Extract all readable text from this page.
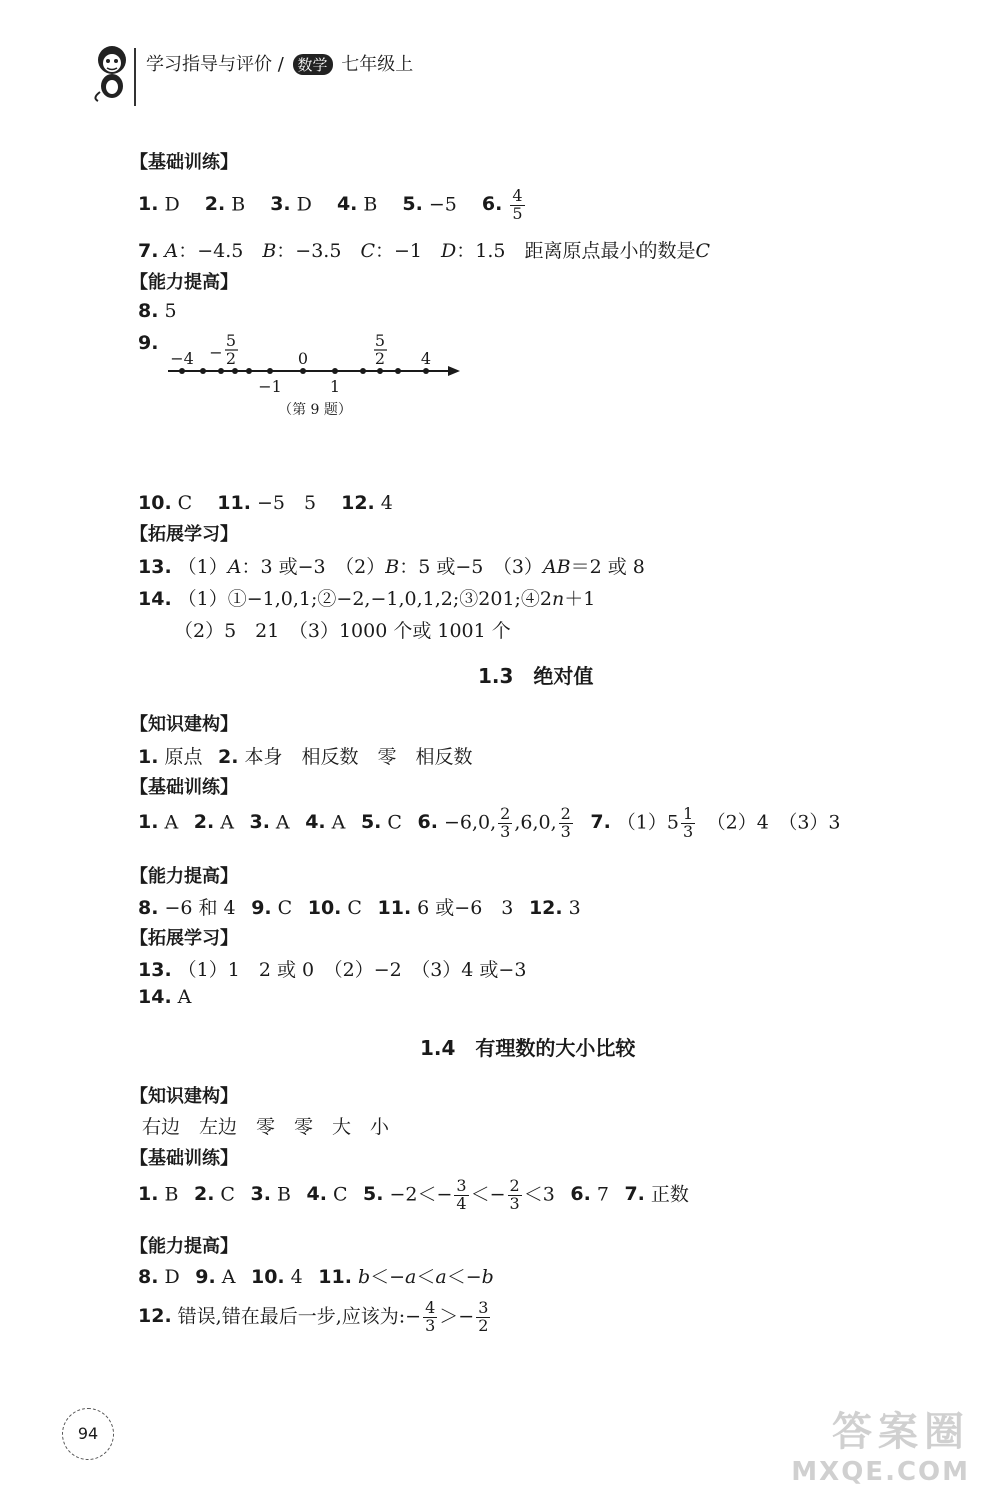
学习指导与评价 / 数学 七年级上
【基础训练】
1. D  2. B  3. D  4. B  5. −5  6. $\frac{4}{5}$
7. A：−4.5  B：−3.5  C：−1  D：1.5  距离原点最小的数是C
【能力提高】
8. 5
9.
−4 −
5
2	0
5
2 4
−1	1
（第 9 题）
10. C  11. −5　5  12. 4
【拓展学习】
13. （1）A：3 或−3  （2）B：5 或−5  （3）AB＝2 或 8
14. （1）①−1,0,1;②−2,−1,0,1,2;③201;④2n＋1
（2）5　21　（3）1000 个或 1001 个
1.3　绝对值
【知识建构】
1. 原点  2. 本身　相反数　零　相反数
【基础训练】
1. A  2. A  3. A  4. A  5. C  6. −6,0, $\frac{2}{3} ,6,0$, $\frac{2}{3}$
  7. $(1)5 \frac{1}{3}$
  （2）4　（3）3
【能力提高】
8. −6 和 4  9. C  10. C  11. 6 或−6　3  12. 3
【拓展学习】
13. （1）1　2 或 0　（2）−2　（3）4 或−3
14. A
1.4　有理数的大小比较
【知识建构】
右边　左边　零　零　大　小
【基础训练】
1. B  2. C  3. B  4. C  5. $-2<- \frac{3}{4} <- \frac{2}{3} <3$  6. 7  7. 正数
【能力提高】
8. D  9. A  10. 4  11. b＜−a＜a＜−b
12. 错误,错在最后一步,应该为:− $\frac{4}{3} >- \frac{3}{2}$
94	答案圈
MXQE.COM
